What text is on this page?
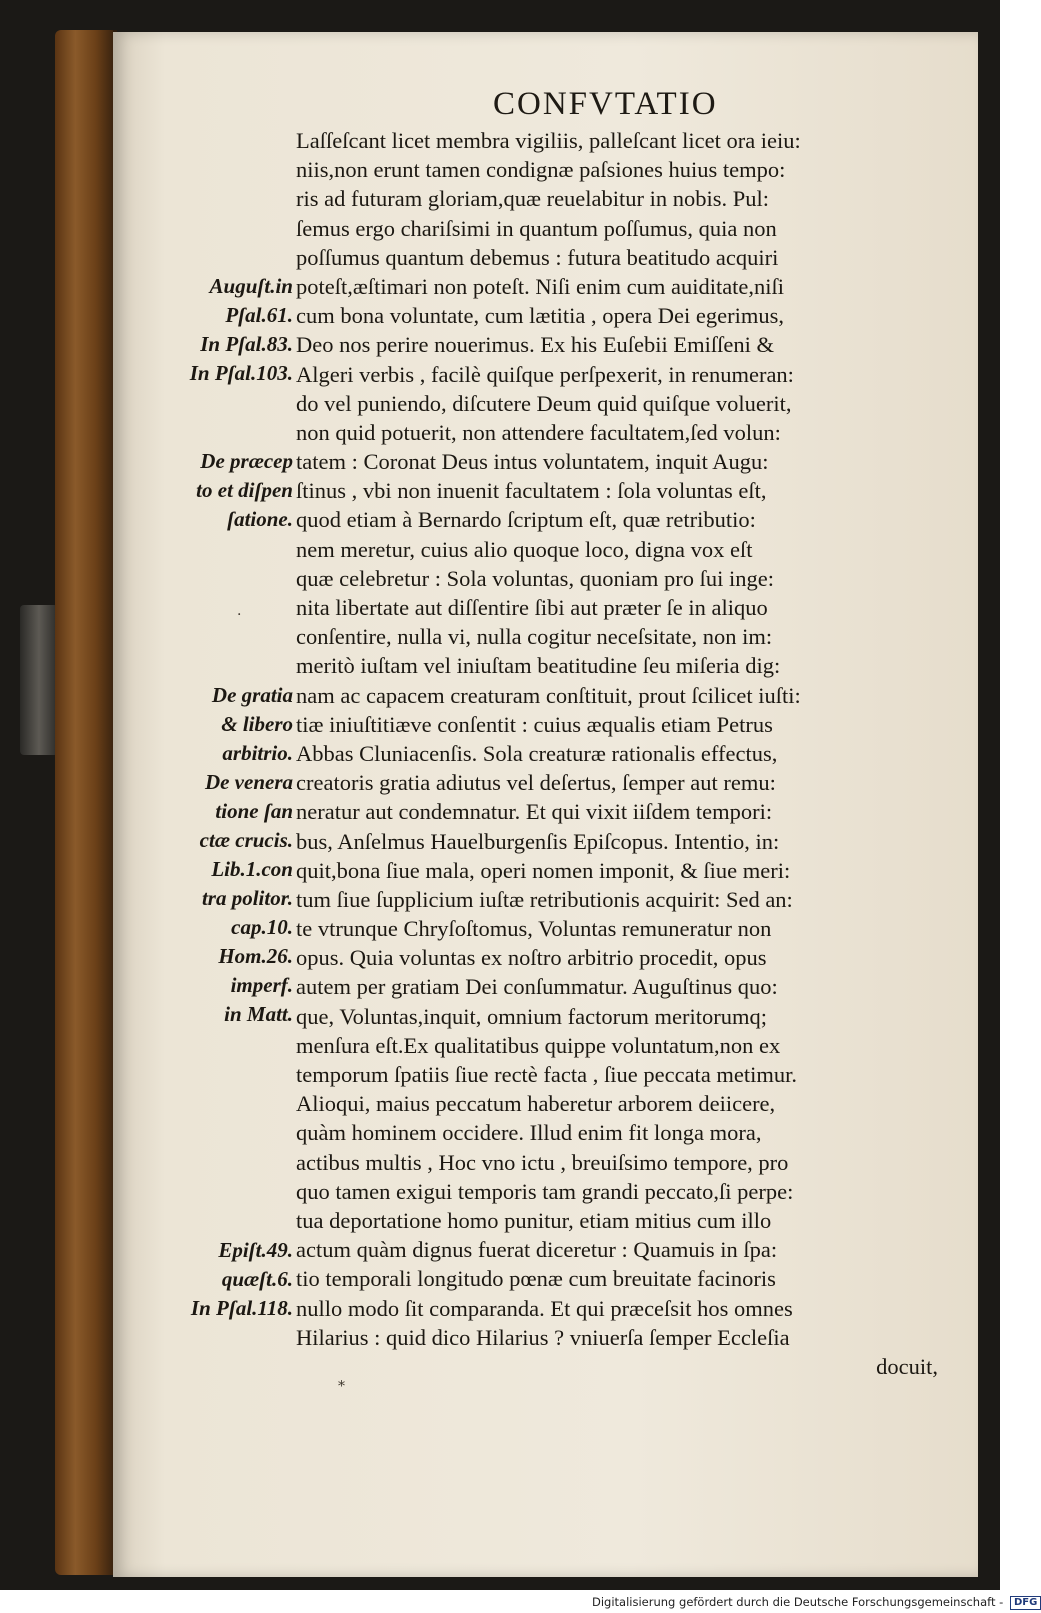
CONFVTATIO
Auguſt.in
Pſal.61.
In Pſal.83.
In Pſal.103.
De præcep
to et diſpen
ſatione.
De gratia
& libero
arbitrio.
De venera
tione ſan
ctæ crucis.
Lib.1.con
tra politor.
cap.10.
Hom.26.
imperf.
in Matt.
Epiſt.49.
quæſt.6.
In Pſal.118.
Laſſeſcant licet membra vigiliis, palleſcant licet ora ieiu:
niis,non erunt tamen condignæ paſsiones huius tempo:
ris ad futuram gloriam,quæ reuelabitur in nobis. Pul:
ſemus ergo chariſsimi in quantum poſſumus, quia non
poſſumus quantum debemus : futura beatitudo acquiri
poteſt,æſtimari non poteſt. Niſi enim cum auiditate,niſi
cum bona voluntate, cum lætitia , opera Dei egerimus,
Deo nos perire nouerimus. Ex his Euſebii Emiſſeni &
Algeri verbis , facilè quiſque perſpexerit, in renumeran:
do vel puniendo, diſcutere Deum quid quiſque voluerit,
non quid potuerit, non attendere facultatem,ſed volun:
tatem : Coronat Deus intus voluntatem, inquit Augu:
ſtinus , vbi non inuenit facultatem : ſola voluntas eſt,
quod etiam à Bernardo ſcriptum eſt, quæ retributio:
nem meretur, cuius alio quoque loco, digna vox eſt
quæ celebretur : Sola voluntas, quoniam pro ſui inge:
nita libertate aut diſſentire ſibi aut præter ſe in aliquo
conſentire, nulla vi, nulla cogitur neceſsitate, non im:
meritò iuſtam vel iniuſtam beatitudine ſeu miſeria dig:
nam ac capacem creaturam conſtituit, prout ſcilicet iuſti:
tiæ iniuſtitiæve conſentit : cuius æqualis etiam Petrus
Abbas Cluniacenſis. Sola creaturæ rationalis effectus,
creatoris gratia adiutus vel deſertus, ſemper aut remu:
neratur aut condemnatur. Et qui vixit iiſdem tempori:
bus, Anſelmus Hauelburgenſis Epiſcopus. Intentio, in:
quit,bona ſiue mala, operi nomen imponit, & ſiue meri:
tum ſiue ſupplicium iuſtæ retributionis acquirit: Sed an:
te vtrunque Chryſoſtomus, Voluntas remuneratur non
opus. Quia voluntas ex noſtro arbitrio procedit, opus
autem per gratiam Dei conſummatur. Auguſtinus quo:
que, Voluntas,inquit, omnium factorum meritorumq;
menſura eſt.Ex qualitatibus quippe voluntatum,non ex
temporum ſpatiis ſiue rectè facta , ſiue peccata metimur.
Alioqui, maius peccatum haberetur arborem deiicere,
quàm hominem occidere. Illud enim fit longa mora,
actibus multis , Hoc vno ictu , breuiſsimo tempore, pro
quo tamen exigui temporis tam grandi peccato,ſi perpe:
tua deportatione homo punitur, etiam mitius cum illo
actum quàm dignus fuerat diceretur : Quamuis in ſpa:
tio temporali longitudo pœnæ cum breuitate facinoris
nullo modo ſit comparanda. Et qui præceſsit hos omnes
Hilarius : quid dico Hilarius ? vniuerſa ſemper Eccleſia
docuit,
·
⁎
Digitalisierung gefördert durch die Deutsche Forschungsgemeinschaft - DFG
